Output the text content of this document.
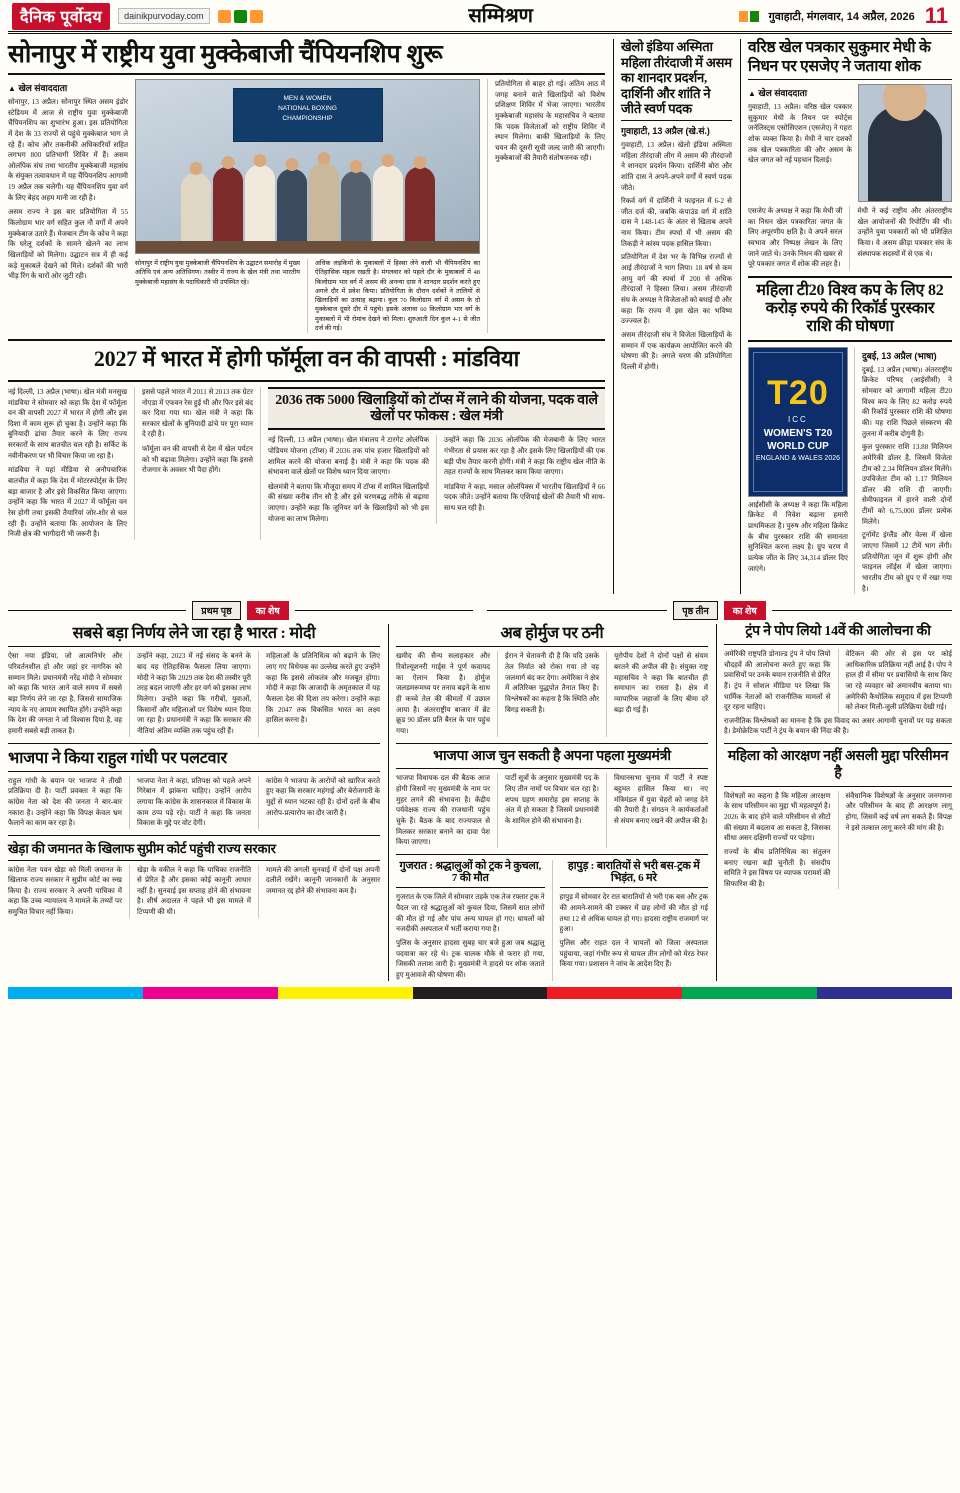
दैनिक पूर्वोदय	dainikpurvoday.com	सम्मिश्रण	गुवाहाटी, मंगलवार, 14 अप्रैल, 2026 11
सोनापुर में राष्ट्रीय युवा मुक्केबाजी चैंपियनशिप शुरू
▲ खेल संवाददाता
सोनापुर, 13 अप्रैल। सोनापुर स्थित असम इंडोर स्टेडियम में आज से राष्ट्रीय युवा मुक्केबाजी चैंपियनशिप का शुभारंभ हुआ। इस प्रतियोगिता में देश के 33 राज्यों से पहुंचे मुक्केबाज भाग ले रहे हैं। कोच और तकनीकी अधिकारियों सहित लगभग 800 प्रतिभागी शिविर में हैं। असम ओलंपिक संघ तथा भारतीय मुक्केबाजी महासंघ के संयुक्त तत्वावधान में यह चैंपियनशिप आगामी 19 अप्रैल तक चलेगी। यह चैंपियनशिप युवा वर्ग के लिए बेहद अहम मानी जा रही है।
असम राज्य ने इस बार प्रतियोगिता में 55 किलोग्राम भार वर्ग सहित कुल नौ वर्गों में अपने मुक्केबाज उतारे हैं। मेजबान टीम के कोच ने कहा कि घरेलू दर्शकों के सामने खेलने का लाभ खिलाड़ियों को मिलेगा। उद्घाटन सत्र में ही कई कड़े मुकाबले देखने को मिले। दर्शकों की भारी भीड़ रिंग के चारों ओर जुटी रही।
MEN & WOMEN
NATIONAL BOXING
CHAMPIONSHIP
सोनापुर में राष्ट्रीय युवा मुक्केबाजी चैंपियनशिप के उद्घाटन समारोह में मुख्य अतिथि एवं अन्य अतिथिगण। तस्वीर में राज्य के खेल मंत्री तथा भारतीय मुक्केबाजी महासंघ के पदाधिकारी भी उपस्थित रहे।
अधिक लड़कियों के मुकाबलों में हिस्सा लेने वाली भी चैंपियनशिप का ऐतिहासिक महत्व रखती है। मंगलवार को पहले दौर के मुकाबलों में 48 किलोग्राम भार वर्ग में असम की अनन्या दास ने शानदार प्रदर्शन करते हुए अगले दौर में प्रवेश किया। प्रतियोगिता के दौरान दर्शकों ने तालियों से खिलाड़ियों का उत्साह बढ़ाया। कुल 70 किलोग्राम वर्ग में असम के दो मुक्केबाज दूसरे दौर में पहुंचे। इसके अलावा 60 किलोग्राम भार वर्ग के मुकाबलों में भी रोमांच देखने को मिला। शुरुआती दिन कुल 4-1 से जीत दर्ज की गई।
प्रतियोगिता से बाहर हो गई। अंतिम आठ में जगह बनाने वाले खिलाड़ियों को विशेष प्रशिक्षण शिविर में भेजा जाएगा। भारतीय मुक्केबाजी महासंघ के महासचिव ने बताया कि पदक विजेताओं को राष्ट्रीय शिविर में स्थान मिलेगा। बाकी खिलाड़ियों के लिए चयन की दूसरी सूची जल्द जारी की जाएगी। मुक्केबाजों की तैयारी संतोषजनक रही।
2027 में भारत में होगी फॉर्मूला वन की वापसी : मांडविया
नई दिल्ली, 13 अप्रैल (भाषा)। खेल मंत्री मनसुख मांडविया ने सोमवार को कहा कि देश में फॉर्मूला वन की वापसी 2027 में भारत में होगी और इस दिशा में काम शुरू हो चुका है। उन्होंने कहा कि बुनियादी ढांचा तैयार करने के लिए राज्य सरकारों के साथ बातचीत चल रही है। सर्किट के नवीनीकरण पर भी विचार किया जा रहा है।
मांडविया ने यहां मीडिया से अनौपचारिक बातचीत में कहा कि देश में मोटरस्पोर्ट्स के लिए बड़ा बाजार है और इसे विकसित किया जाएगा। उन्होंने कहा कि भारत में 2027 में फॉर्मूला वन रेस होगी तथा इसकी तैयारियां जोर-शोर से चल रही हैं। उन्होंने बताया कि आयोजन के लिए निजी क्षेत्र की भागीदारी भी जरूरी है।
इससे पहले भारत में 2011 से 2013 तक ग्रेटर नोएडा में एफवन रेस हुई थी और फिर इसे बंद कर दिया गया था। खेल मंत्री ने कहा कि सरकार खेलों के बुनियादी ढांचे पर पूरा ध्यान दे रही है।
फॉर्मूला वन की वापसी से देश में खेल पर्यटन को भी बढ़ावा मिलेगा। उन्होंने कहा कि इससे रोजगार के अवसर भी पैदा होंगे।
2036 तक 5000 खिलाड़ियों को टॉप्स में लाने की योजना, पदक वाले खेलों पर फोकस : खेल मंत्री
नई दिल्ली, 13 अप्रैल (भाषा)। खेल मंत्रालय ने टारगेट ओलंपिक पोडियम योजना (टॉप्स) में 2036 तक पांच हजार खिलाड़ियों को शामिल करने की योजना बनाई है। मंत्री ने कहा कि पदक की संभावना वाले खेलों पर विशेष ध्यान दिया जाएगा।
खेलमंत्री ने बताया कि मौजूदा समय में टॉप्स में शामिल खिलाड़ियों की संख्या करीब तीन सौ है और इसे चरणबद्ध तरीके से बढ़ाया जाएगा। उन्होंने कहा कि जूनियर वर्ग के खिलाड़ियों को भी इस योजना का लाभ मिलेगा।
उन्होंने कहा कि 2036 ओलंपिक की मेजबानी के लिए भारत गंभीरता से प्रयास कर रहा है और इसके लिए खिलाड़ियों की एक बड़ी पौध तैयार करनी होगी। मंत्री ने कहा कि राष्ट्रीय खेल नीति के तहत राज्यों के साथ मिलकर काम किया जाएगा।
मांडविया ने कहा, मसाल ओलंपिक्स में भारतीय खिलाड़ियों ने 66 पदक जीते। उन्होंने बताया कि एशियाई खेलों की तैयारी भी साथ-साथ चल रही है।
खेलो इंडिया अस्मिता महिला तीरंदाजी में असम का शानदार प्रदर्शन, दार्शिनी और शांति ने जीते स्वर्ण पदक
गुवाहाटी, 13 अप्रैल (खे.सं.)
गुवाहाटी, 13 अप्रैल। खेलो इंडिया अस्मिता महिला तीरंदाजी लीग में असम की तीरंदाजों ने शानदार प्रदर्शन किया। दार्शिनी बोरा और शांति दास ने अपने-अपने वर्गों में स्वर्ण पदक जीते।
रिकर्व वर्ग में दार्शिनी ने फाइनल में 6-2 से जीत दर्ज की, जबकि कंपाउंड वर्ग में शांति दास ने 148-145 के अंतर से खिताब अपने नाम किया। टीम स्पर्धा में भी असम की तिकड़ी ने कांस्य पदक हासिल किया।
प्रतियोगिता में देश भर के विभिन्न राज्यों से आई तीरंदाजों ने भाग लिया। 18 वर्ष से कम आयु वर्ग की स्पर्धा में 200 से अधिक तीरंदाजों ने हिस्सा लिया। असम तीरंदाजी संघ के अध्यक्ष ने विजेताओं को बधाई दी और कहा कि राज्य में इस खेल का भविष्य उज्ज्वल है।
असम तीरंदाजी संघ ने विजेता खिलाड़ियों के सम्मान में एक कार्यक्रम आयोजित करने की घोषणा की है। अगले चरण की प्रतियोगिता दिल्ली में होगी।
वरिष्ठ खेल पत्रकार सुकुमार मेधी के निधन पर एसजेए ने जताया शोक
▲ खेल संवाददाता
गुवाहाटी, 13 अप्रैल। वरिष्ठ खेल पत्रकार सुकुमार मेधी के निधन पर स्पोर्ट्स जर्नलिस्ट्स एसोसिएशन (एसजेए) ने गहरा शोक व्यक्त किया है। मेधी ने चार दशकों तक खेल पत्रकारिता की और असम के खेल जगत को नई पहचान दिलाई।
एसजेए के अध्यक्ष ने कहा कि मेधी जी का निधन खेल पत्रकारिता जगत के लिए अपूरणीय क्षति है। वे अपने सरल स्वभाव और निष्पक्ष लेखन के लिए जाने जाते थे। उनके निधन की खबर से पूरे पत्रकार जगत में शोक की लहर है।
मेधी ने कई राष्ट्रीय और अंतरराष्ट्रीय खेल आयोजनों की रिपोर्टिंग की थी। उन्होंने युवा पत्रकारों को भी प्रशिक्षित किया। वे असम क्रीड़ा पत्रकार संघ के संस्थापक सदस्यों में से एक थे।
महिला टी20 विश्व कप के लिए 82 करोड़ रुपये की रिकॉर्ड पुरस्कार राशि की घोषणा
T20
ICC
WOMEN'S T20
WORLD CUP
ENGLAND & WALES 2026
आईसीसी के अध्यक्ष ने कहा कि महिला क्रिकेट में निवेश बढ़ाना हमारी प्राथमिकता है। पुरुष और महिला क्रिकेट के बीच पुरस्कार राशि की समानता सुनिश्चित करना लक्ष्य है। ग्रुप चरण में प्रत्येक जीत के लिए 34,314 डॉलर दिए जाएंगे।
दुबई, 13 अप्रैल (भाषा)
दुबई, 13 अप्रैल (भाषा)। अंतरराष्ट्रीय क्रिकेट परिषद (आईसीसी) ने सोमवार को आगामी महिला टी20 विश्व कप के लिए 82 करोड़ रुपये की रिकॉर्ड पुरस्कार राशि की घोषणा की। यह राशि पिछले संस्करण की तुलना में करीब दोगुनी है।
कुल पुरस्कार राशि 13.88 मिलियन अमेरिकी डॉलर है, जिसमें विजेता टीम को 2.34 मिलियन डॉलर मिलेंगे। उपविजेता टीम को 1.17 मिलियन डॉलर की राशि दी जाएगी। सेमीफाइनल में हारने वाली दोनों टीमों को 6,75,000 डॉलर प्रत्येक मिलेंगे।
टूर्नामेंट इंग्लैंड और वेल्स में खेला जाएगा जिसमें 12 टीमें भाग लेंगी। प्रतियोगिता जून में शुरू होगी और फाइनल लॉर्ड्स में खेला जाएगा। भारतीय टीम को ग्रुप ए में रखा गया है।
प्रथम पृष्ठ	का शेष	पृष्ठ तीन	का शेष
सबसे बड़ा निर्णय लेने जा रहा है भारत : मोदी
ऐसा नया इंडिया, जो आत्मनिर्भर और परिवर्तनशील हो और जहां हर नागरिक को सम्मान मिले। प्रधानमंत्री नरेंद्र मोदी ने सोमवार को कहा कि भारत आने वाले समय में सबसे बड़ा निर्णय लेने जा रहा है, जिससे सामाजिक न्याय के नए आयाम स्थापित होंगे। उन्होंने कहा कि देश की जनता ने जो विश्वास दिया है, वह हमारी सबसे बड़ी ताकत है।
उन्होंने कहा, 2023 में नई संसद के बनने के बाद यह ऐतिहासिक फैसला लिया जाएगा। मोदी ने कहा कि 2029 तक देश की तस्वीर पूरी तरह बदल जाएगी और हर वर्ग को इसका लाभ मिलेगा। उन्होंने कहा कि गरीबों, युवाओं, किसानों और महिलाओं पर विशेष ध्यान दिया जा रहा है। प्रधानमंत्री ने कहा कि सरकार की नीतियां अंतिम व्यक्ति तक पहुंच रही हैं।
महिलाओं के प्रतिनिधित्व को बढ़ाने के लिए लाए गए विधेयक का उल्लेख करते हुए उन्होंने कहा कि इससे लोकतंत्र और मजबूत होगा। मोदी ने कहा कि आजादी के अमृतकाल में यह फैसला देश की दिशा तय करेगा। उन्होंने कहा कि 2047 तक विकसित भारत का लक्ष्य हासिल करना है।
भाजपा ने किया राहुल गांधी पर पलटवार
राहुल गांधी के बयान पर भाजपा ने तीखी प्रतिक्रिया दी है। पार्टी प्रवक्ता ने कहा कि कांग्रेस नेता को देश की जनता ने बार-बार नकारा है। उन्होंने कहा कि विपक्ष केवल भ्रम फैलाने का काम कर रहा है।
भाजपा नेता ने कहा, प्रतिपक्ष को पहले अपने गिरेबान में झांकना चाहिए। उन्होंने आरोप लगाया कि कांग्रेस के शासनकाल में विकास के काम ठप्प पड़े रहे। पार्टी ने कहा कि जनता विकास के मुद्दे पर वोट देगी।
कांग्रेस ने भाजपा के आरोपों को खारिज करते हुए कहा कि सरकार महंगाई और बेरोजगारी के मुद्दों से ध्यान भटका रही है। दोनों दलों के बीच आरोप-प्रत्यारोप का दौर जारी है।
खेड़ा की जमानत के खिलाफ सुप्रीम कोर्ट पहुंची राज्य सरकार
कांग्रेस नेता पवन खेड़ा को मिली जमानत के खिलाफ राज्य सरकार ने सुप्रीम कोर्ट का रुख किया है। राज्य सरकार ने अपनी याचिका में कहा कि उच्च न्यायालय ने मामले के तथ्यों पर समुचित विचार नहीं किया।
खेड़ा के वकील ने कहा कि याचिका राजनीति से प्रेरित है और इसका कोई कानूनी आधार नहीं है। सुनवाई इस सप्ताह होने की संभावना है। शीर्ष अदालत ने पहले भी इस मामले में टिप्पणी की थी।
मामले की अगली सुनवाई में दोनों पक्ष अपनी दलीलें रखेंगे। कानूनी जानकारों के अनुसार जमानत रद्द होने की संभावना कम है।
अब होर्मुज पर ठनी
खमीद की सैन्य सलाहकार और रिवोल्यूशनरी गार्ड्स ने पूर्ण कवायद का ऐलान किया है। होर्मुज जलडमरूमध्य पर तनाव बढ़ने के साथ ही कच्चे तेल की कीमतों में उछाल आया है। अंतरराष्ट्रीय बाजार में ब्रेंट क्रूड 90 डॉलर प्रति बैरल के पार पहुंच गया।
ईरान ने चेतावनी दी है कि यदि उसके तेल निर्यात को रोका गया तो वह जलमार्ग बंद कर देगा। अमेरिका ने क्षेत्र में अतिरिक्त युद्धपोत तैनात किए हैं। विश्लेषकों का कहना है कि स्थिति और बिगड़ सकती है।
यूरोपीय देशों ने दोनों पक्षों से संयम बरतने की अपील की है। संयुक्त राष्ट्र महासचिव ने कहा कि बातचीत ही समाधान का रास्ता है। क्षेत्र में व्यापारिक जहाजों के लिए बीमा दरें बढ़ा दी गई हैं।
भाजपा आज चुन सकती है अपना पहला मुख्यमंत्री
भाजपा विधायक दल की बैठक आज होगी जिसमें नए मुख्यमंत्री के नाम पर मुहर लगने की संभावना है। केंद्रीय पर्यवेक्षक राज्य की राजधानी पहुंच चुके हैं। बैठक के बाद राज्यपाल से मिलकर सरकार बनाने का दावा पेश किया जाएगा।
पार्टी सूत्रों के अनुसार मुख्यमंत्री पद के लिए तीन नामों पर विचार चल रहा है। शपथ ग्रहण समारोह इस सप्ताह के अंत में हो सकता है जिसमें प्रधानमंत्री के शामिल होने की संभावना है।
विधानसभा चुनाव में पार्टी ने स्पष्ट बहुमत हासिल किया था। नए मंत्रिमंडल में युवा चेहरों को जगह देने की तैयारी है। संगठन ने कार्यकर्ताओं से संयम बनाए रखने की अपील की है।
गुजरात : श्रद्धालुओं को ट्रक ने कुचला, 7 की मौत
गुजरात के एक जिले में सोमवार तड़के एक तेज रफ्तार ट्रक ने पैदल जा रहे श्रद्धालुओं को कुचल दिया, जिसमें सात लोगों की मौत हो गई और पांच अन्य घायल हो गए। घायलों को नजदीकी अस्पताल में भर्ती कराया गया है।
पुलिस के अनुसार हादसा सुबह चार बजे हुआ जब श्रद्धालु पदयात्रा कर रहे थे। ट्रक चालक मौके से फरार हो गया, जिसकी तलाश जारी है। मुख्यमंत्री ने हादसे पर शोक जताते हुए मुआवजे की घोषणा की।
हापुड़ : बारातियों से भरी बस-ट्रक में भिड़ंत, 6 मरे
हापुड़ में सोमवार देर रात बारातियों से भरी एक बस और ट्रक की आमने-सामने की टक्कर में छह लोगों की मौत हो गई तथा 12 से अधिक घायल हो गए। हादसा राष्ट्रीय राजमार्ग पर हुआ।
पुलिस और राहत दल ने घायलों को जिला अस्पताल पहुंचाया, जहां गंभीर रूप से घायल तीन लोगों को मेरठ रेफर किया गया। प्रशासन ने जांच के आदेश दिए हैं।
ट्रंप ने पोप लियो 14वें की आलोचना की
अमेरिकी राष्ट्रपति डोनाल्ड ट्रंप ने पोप लियो चौदहवें की आलोचना करते हुए कहा कि प्रवासियों पर उनके बयान राजनीति से प्रेरित हैं। ट्रंप ने सोशल मीडिया पर लिखा कि धार्मिक नेताओं को राजनीतिक मामलों से दूर रहना चाहिए।
वेटिकन की ओर से इस पर कोई आधिकारिक प्रतिक्रिया नहीं आई है। पोप ने हाल ही में सीमा पर प्रवासियों के साथ किए जा रहे व्यवहार को अमानवीय बताया था। अमेरिकी कैथोलिक समुदाय में इस टिप्पणी को लेकर मिली-जुली प्रतिक्रिया देखी गई।
राजनीतिक विश्लेषकों का मानना है कि इस विवाद का असर आगामी चुनावों पर पड़ सकता है। डेमोक्रेटिक पार्टी ने ट्रंप के बयान की निंदा की है।
महिला को आरक्षण नहीं असली मुद्दा परिसीमन है
विशेषज्ञों का कहना है कि महिला आरक्षण के साथ परिसीमन का मुद्दा भी महत्वपूर्ण है। 2026 के बाद होने वाले परिसीमन से सीटों की संख्या में बदलाव आ सकता है, जिसका सीधा असर दक्षिणी राज्यों पर पड़ेगा।
राज्यों के बीच प्रतिनिधित्व का संतुलन बनाए रखना बड़ी चुनौती है। संसदीय समिति ने इस विषय पर व्यापक परामर्श की सिफारिश की है।
संवैधानिक विशेषज्ञों के अनुसार जनगणना और परिसीमन के बाद ही आरक्षण लागू होगा, जिसमें कई वर्ष लग सकते हैं। विपक्ष ने इसे तत्काल लागू करने की मांग की है।
